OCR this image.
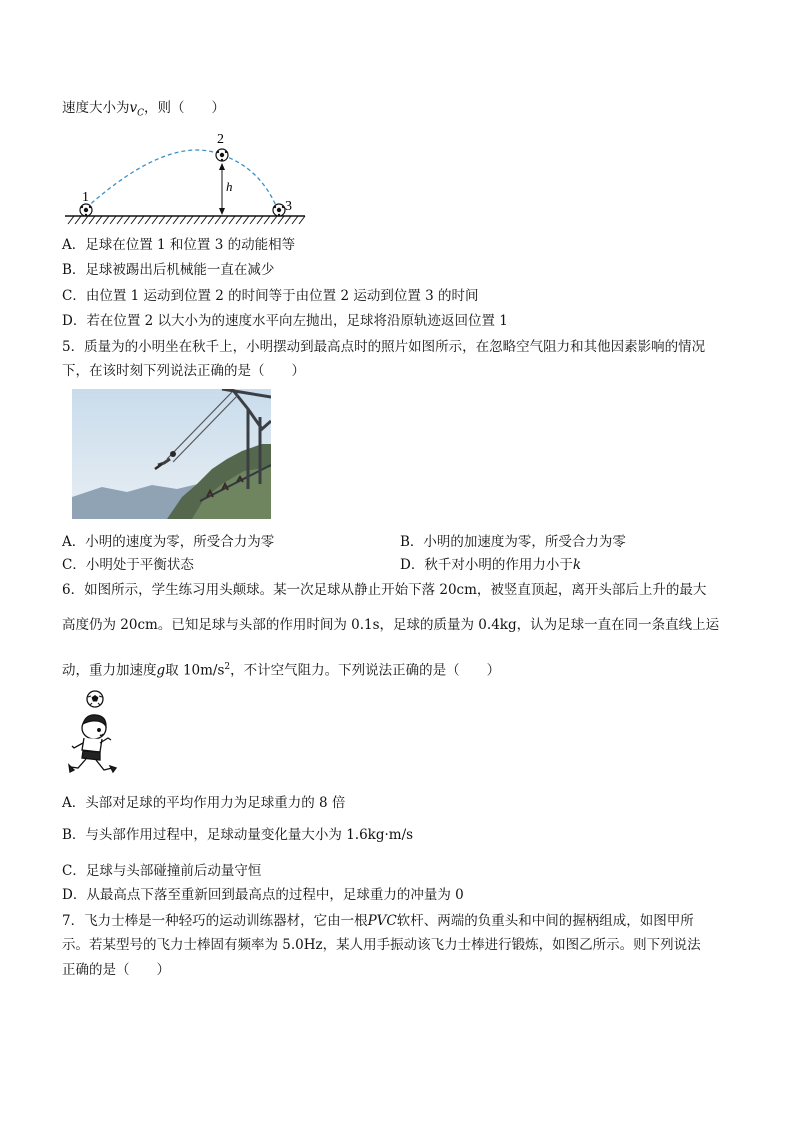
速度大小为$v_C$，则（　　）
1
2
3
h
A．足球在位置 1 和位置 3 的动能相等
B．足球被踢出后机械能一直在减少
C．由位置 1 运动到位置 2 的时间等于由位置 2 运动到位置 3 的时间
D．若在位置 2 以大小为的速度水平向左抛出，足球将沿原轨迹返回位置 1
5．质量为的小明坐在秋千上，小明摆动到最高点时的照片如图所示，在忽略空气阻力和其他因素影响的情况
下，在该时刻下列说法正确的是（　　）
A．小明的速度为零，所受合力为零	B．小明的加速度为零，所受合力为零
C．小明处于平衡状态	D．秋千对小明的作用力小于k
6．如图所示，学生练习用头颠球。某一次足球从静止开始下落 20cm，被竖直顶起，离开头部后上升的最大
高度仍为 20cm。已知足球与头部的作用时间为 0.1s，足球的质量为 0.4kg，认为足球一直在同一条直线上运
动，重力加速度g取 $10m/s^2$，不计空气阻力。下列说法正确的是（　　）
A．头部对足球的平均作用力为足球重力的 8 倍
B．与头部作用过程中，足球动量变化量大小为 1.6kg·m/s
C．足球与头部碰撞前后动量守恒
D．从最高点下落至重新回到最高点的过程中，足球重力的冲量为 0
7．飞力士棒是一种轻巧的运动训练器材，它由一根PVC软杆、两端的负重头和中间的握柄组成，如图甲所
示。若某型号的飞力士棒固有频率为 5.0Hz，某人用手振动该飞力士棒进行锻炼，如图乙所示。则下列说法
正确的是（　　）
